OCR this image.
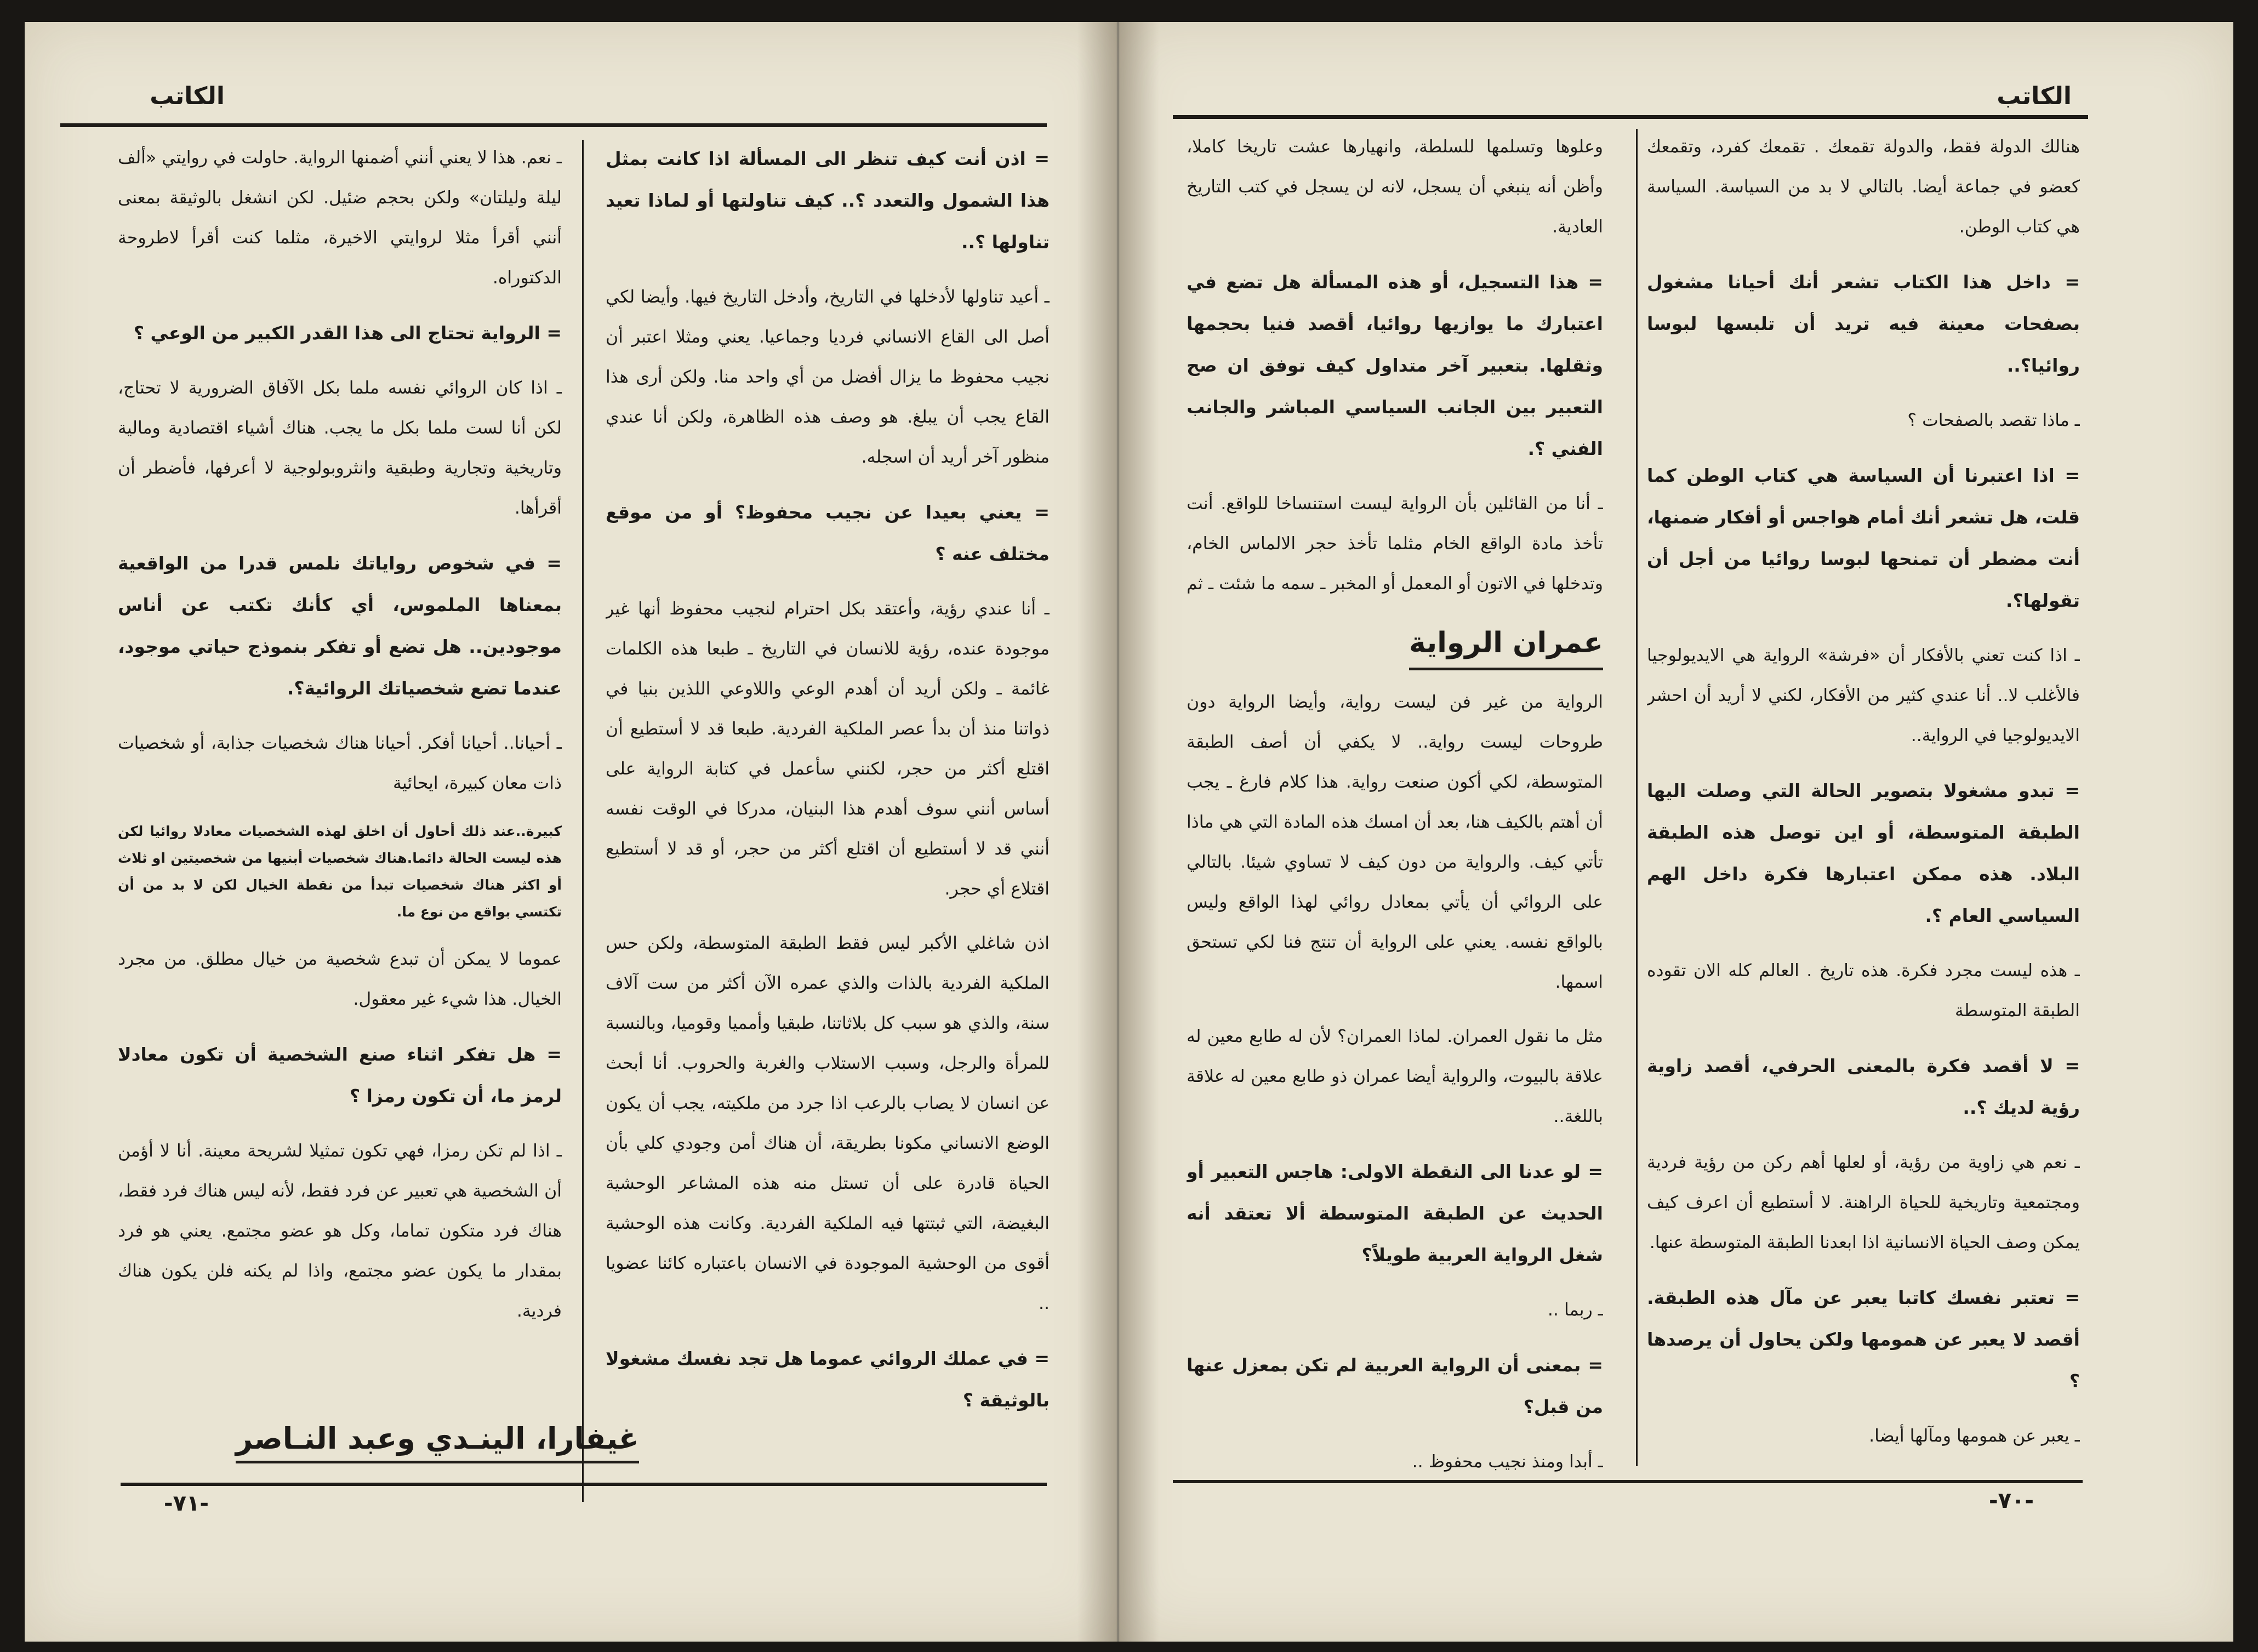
الكاتب

= اذن أنت كيف تنظر الى المسألة اذا كانت بمثل هذا الشمول والتعدد ؟.. كيف تناولتها أو لماذا تعيد تناولها ؟..

ـ أعيد تناولها لأدخلها في التاريخ، وأدخل التاريخ فيها. وأيضا لكي أصل الى القاع الانساني فرديا وجماعيا. يعني ومثلا اعتبر أن نجيب محفوظ ما يزال أفضل من أي واحد منا. ولكن أرى هذا القاع يجب أن يبلغ. هو وصف هذه الظاهرة، ولكن أنا عندي منظور آخر أريد أن اسجله.

= يعني بعيدا عن نجيب محفوظ؟ أو من موقع مختلف عنه ؟

ـ أنا عندي رؤية، وأعتقد بكل احترام لنجيب محفوظ أنها غير موجودة عنده، رؤية للانسان في التاريخ ـ طبعا هذه الكلمات غائمة ـ ولكن أريد أن أهدم الوعي واللاوعي اللذين بنيا في ذواتنا منذ أن بدأ عصر الملكية الفردية. طبعا قد لا أستطيع أن اقتلع أكثر من حجر، لكنني سأعمل في كتابة الرواية على أساس أنني سوف أهدم هذا البنيان، مدركا في الوقت نفسه أنني قد لا أستطيع أن اقتلع أكثر من حجر، أو قد لا أستطيع اقتلاع أي حجر.

اذن شاغلي الأكبر ليس فقط الطبقة المتوسطة، ولكن حس الملكية الفردية بالذات والذي عمره الآن أكثر من ست آلاف سنة، والذي هو سبب كل بلاثاتنا، طبقيا وأمميا وقوميا، وبالنسبة للمرأة والرجل، وسبب الاستلاب والغربة والحروب. أنا أبحث عن انسان لا يصاب بالرعب اذا جرد من ملكيته، يجب أن يكون الوضع الانساني مكونا بطريقة، أن هناك أمن وجودي كلي بأن الحياة قادرة على أن تستل منه هذه المشاعر الوحشية البغيضة، التي ثبتتها فيه الملكية الفردية. وكانت هذه الوحشية أقوى من الوحشية الموجودة في الانسان باعتباره كائنا عضويا ..

= في عملك الروائي عموما هل تجد نفسك مشغولا بالوثيقة ؟

ـ نعم. هذا لا يعني أنني أضمنها الرواية. حاولت في روايتي «ألف ليلة وليلتان» ولكن بحجم ضئيل. لكن انشغل بالوثيقة بمعنى أنني أقرأ مثلا لروايتي الاخيرة، مثلما كنت أقرأ لاطروحة الدكتوراه.

= الرواية تحتاج الى هذا القدر الكبير من الوعي ؟

ـ اذا كان الروائي نفسه ملما بكل الآفاق الضرورية لا تحتاج، لكن أنا لست ملما بكل ما يجب. هناك أشياء اقتصادية ومالية وتاريخية وتجارية وطبقية وانثروبولوجية لا أعرفها، فأضطر أن أقرأها.

= في شخوص رواياتك نلمس قدرا من الواقعية بمعناها الملموس، أي كأنك تكتب عن أناس موجودين.. هل تضع أو تفكر بنموذج حياتي موجود، عندما تضع شخصياتك الروائية؟.

ـ أحيانا.. أحيانا أفكر. أحيانا هناك شخصيات جذابة، أو شخصيات ذات معان كبيرة، ايحائية

كبيرة..عند ذلك أحاول أن اخلق لهذه الشخصيات معادلا روائيا لكن هذه ليست الحالة دائما.هناك شخصيات أبنيها من شخصيتين او ثلاث أو اكثر هناك شخصيات تبدأ من نقطة الخيال لكن لا بد من أن تكتسي بواقع من نوع ما.

عموما لا يمكن أن تبدع شخصية من خيال مطلق. من مجرد الخيال. هذا شيء غير معقول.

= هل تفكر اثناء صنع الشخصية أن تكون معادلا لرمز ما، أن تكون رمزا ؟

ـ اذا لم تكن رمزا، فهي تكون تمثيلا لشريحة معينة. أنا لا أؤمن أن الشخصية هي تعبير عن فرد فقط، لأنه ليس هناك فرد فقط، هناك فرد متكون تماما، وكل هو عضو مجتمع. يعني هو فرد بمقدار ما يكون عضو مجتمع، واذا لم يكنه فلن يكون هناك فردية.

غيفارا، الينـدي وعبد النـاصر
‎-٧١-
الكاتب

هنالك الدولة فقط، والدولة تقمعك . تقمعك كفرد، وتقمعك كعضو في جماعة أيضا. بالتالي لا بد من السياسة. السياسة هي كتاب الوطن.

= داخل هذا الكتاب تشعر أنك أحيانا مشغول بصفحات معينة فيه تريد أن تلبسها لبوسا روائيا؟..

ـ ماذا تقصد بالصفحات ؟

= اذا اعتبرنا أن السياسة هي كتاب الوطن كما قلت، هل تشعر أنك أمام هواجس أو أفكار ضمنها، أنت مضطر أن تمنحها لبوسا روائيا من أجل أن تقولها؟.

ـ اذا كنت تعني بالأفكار أن «فرشة» الرواية هي الايديولوجيا فالأغلب لا.. أنا عندي كثير من الأفكار، لكني لا أريد أن احشر الايديولوجيا في الرواية..

= تبدو مشغولا بتصوير الحالة التي وصلت اليها الطبقة المتوسطة، أو اين توصل هذه الطبقة البلاد. هذه ممكن اعتبارها فكرة داخل الهم السياسي العام ؟.

ـ هذه ليست مجرد فكرة. هذه تاريخ . العالم كله الان تقوده الطبقة المتوسطة

= لا أقصد فكرة بالمعنى الحرفي، أقصد زاوية رؤية لديك ؟..

ـ نعم هي زاوية من رؤية، أو لعلها أهم ركن من رؤية فردية ومجتمعية وتاريخية للحياة الراهنة. لا أستطيع أن اعرف كيف يمكن وصف الحياة الانسانية اذا ابعدنا الطبقة المتوسطة عنها.

= تعتبر نفسك كاتبا يعبر عن مآل هذه الطبقة. أقصد لا يعبر عن همومها ولكن يحاول أن يرصدها ؟

ـ يعبر عن همومها ومآلها أيضا.

وعلوها وتسلمها للسلطة، وانهيارها عشت تاريخا كاملا، وأظن أنه ينبغي أن يسجل، لانه لن يسجل في كتب التاريخ العادية.

= هذا التسجيل، أو هذه المسألة هل تضع في اعتبارك ما يوازيها روائيا، أقصد فنيا بحجمها وثقلها. بتعبير آخر متداول كيف توفق ان صح التعبير بين الجانب السياسي المباشر والجانب الفني ؟.

ـ أنا من القائلين بأن الرواية ليست استنساخا للواقع. أنت تأخذ مادة الواقع الخام مثلما تأخذ حجر الالماس الخام، وتدخلها في الاتون أو المعمل أو المخبر ـ سمه ما شئت ـ ثم

عمران الرواية

الرواية من غير فن ليست رواية، وأيضا الرواية دون طروحات ليست رواية.. لا يكفي أن أصف الطبقة المتوسطة، لكي أكون صنعت رواية. هذا كلام فارغ ـ يجب أن أهتم بالكيف هنا، بعد أن امسك هذه المادة التي هي ماذا تأتي كيف. والرواية من دون كيف لا تساوي شيئا. بالتالي على الروائي أن يأتي بمعادل روائي لهذا الواقع وليس بالواقع نفسه. يعني على الرواية أن تنتج فنا لكي تستحق اسمها.

مثل ما نقول العمران. لماذا العمران؟ لأن له طابع معين له علاقة بالبيوت، والرواية أيضا عمران ذو طابع معين له علاقة باللغة..

= لو عدنا الى النقطة الاولى: هاجس التعبير أو الحديث عن الطبقة المتوسطة ألا تعتقد أنه شغل الرواية العربية طويلاً؟

ـ ربما ..

= بمعنى أن الرواية العربية لم تكن بمعزل عنها من قبل؟

ـ أبدا ومنذ نجيب محفوظ ..

‎-٧٠-
